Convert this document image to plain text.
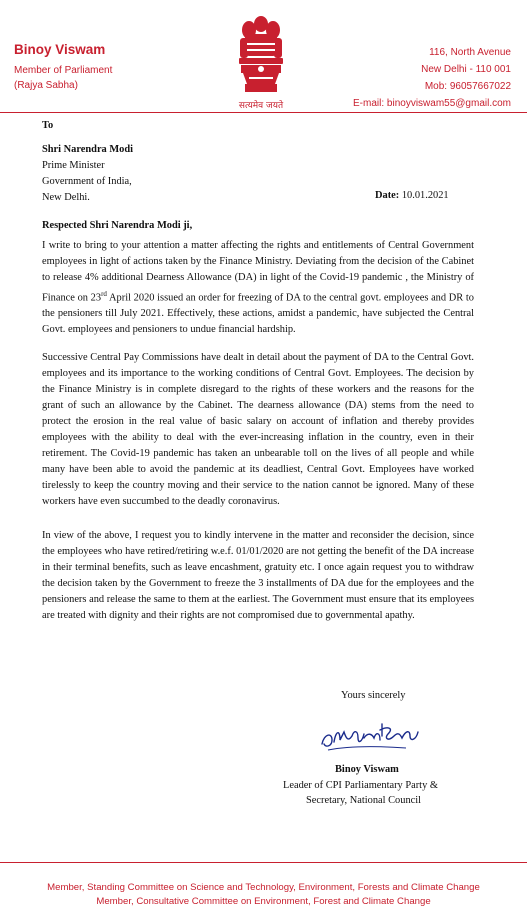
Binoy Viswam
Member of Parliament
(Rajya Sabha)
सत्यमेव जयते
116, North Avenue
New Delhi - 110 001
Mob: 96057667022
E-mail: binoyviswam55@gmail.com
To
Shri Narendra Modi
Prime Minister
Government of India,
New Delhi.	Date: 10.01.2021
Respected Shri Narendra Modi ji,

I write to bring to your attention a matter affecting the rights and entitlements of Central Government employees in light of actions taken by the Finance Ministry. Deviating from the decision of the Cabinet to release 4% additional Dearness Allowance (DA) in light of the Covid-19 pandemic , the Ministry of Finance on 23rd April 2020 issued an order for freezing of DA to the central govt. employees and DR to the pensioners till July 2021. Effectively, these actions, amidst a pandemic, have subjected the Central Govt. employees and pensioners to undue financial hardship.

Successive Central Pay Commissions have dealt in detail about the payment of DA to the Central Govt. employees and its importance to the working conditions of Central Govt. Employees. The decision by the Finance Ministry is in complete disregard to the rights of these workers and the reasons for the grant of such an allowance by the Cabinet. The dearness allowance (DA) stems from the need to protect the erosion in the real value of basic salary on account of inflation and thereby provides employees with the ability to deal with the ever-increasing inflation in the country, even in their retirement. The Covid-19 pandemic has taken an unbearable toll on the lives of all people and while many have been able to avoid the pandemic at its deadliest, Central Govt. Employees have worked tirelessly to keep the country moving and their service to the nation cannot be ignored. Many of these workers have even succumbed to the deadly coronavirus.

In view of the above, I request you to kindly intervene in the matter and reconsider the decision, since the employees who have retired/retiring w.e.f. 01/01/2020 are not getting the benefit of the DA increase in their terminal benefits, such as leave encashment, gratuity etc. I once again request you to withdraw the decision taken by the Government to freeze the 3 installments of DA due for the employees and the pensioners and release the same to them at the earliest. The Government must ensure that its employees are treated with dignity and their rights are not compromised due to governmental apathy.

Yours sincerely
Binoy Viswam
Leader of CPI Parliamentary Party &
Secretary, National Council
Member, Standing Committee on Science and Technology, Environment, Forests and Climate Change
Member, Consultative Committee on Environment, Forest and Climate Change
